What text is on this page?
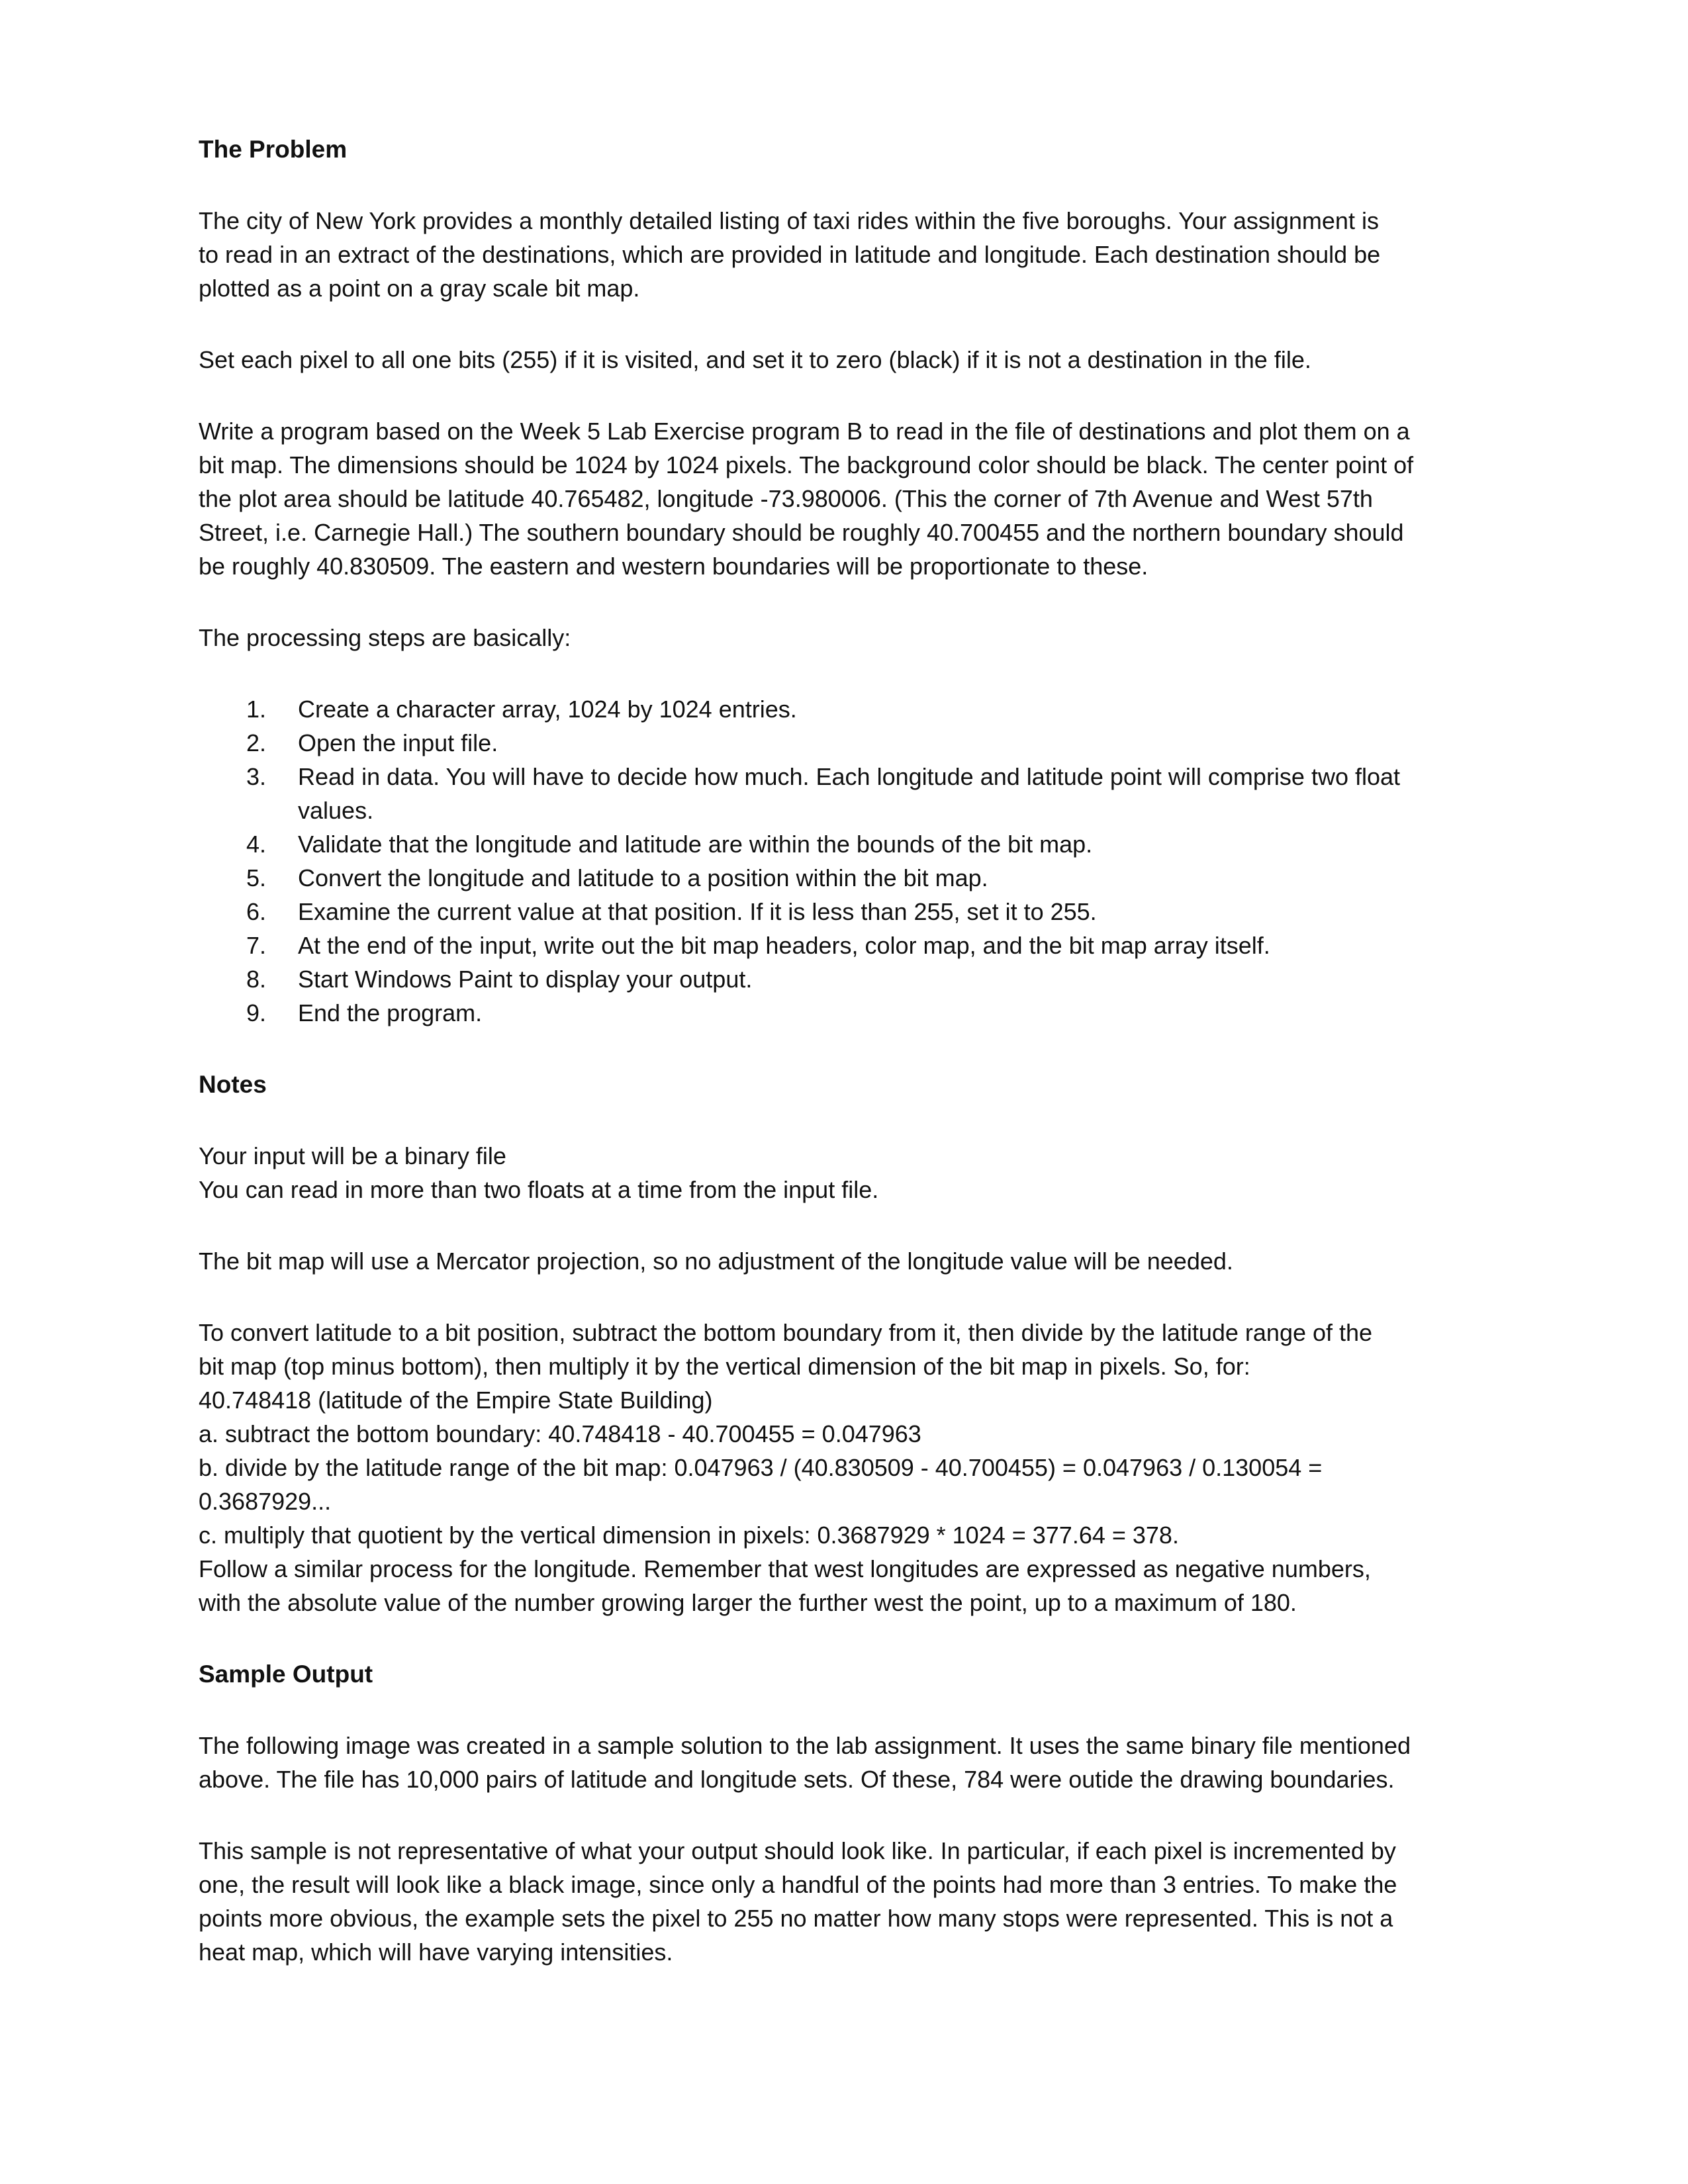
The Problem
The city of New York provides a monthly detailed listing of taxi rides within the five boroughs. Your assignment is
to read in an extract of the destinations, which are provided in latitude and longitude. Each destination should be
plotted as a point on a gray scale bit map.
Set each pixel to all one bits (255) if it is visited, and set it to zero (black) if it is not a destination in the file.
Write a program based on the Week 5 Lab Exercise program B to read in the file of destinations and plot them on a
bit map. The dimensions should be 1024 by 1024 pixels. The background color should be black. The center point of
the plot area should be latitude 40.765482, longitude -73.980006. (This the corner of 7th Avenue and West 57th
Street, i.e. Carnegie Hall.) The southern boundary should be roughly 40.700455 and the northern boundary should
be roughly 40.830509. The eastern and western boundaries will be proportionate to these.
The processing steps are basically:
1. Create a character array, 1024 by 1024 entries.
2. Open the input file.
3. Read in data. You will have to decide how much. Each longitude and latitude point will comprise two float
values.
4. Validate that the longitude and latitude are within the bounds of the bit map.
5. Convert the longitude and latitude to a position within the bit map.
6. Examine the current value at that position. If it is less than 255, set it to 255.
7. At the end of the input, write out the bit map headers, color map, and the bit map array itself.
8. Start Windows Paint to display your output.
9. End the program.
Notes
Your input will be a binary file
You can read in more than two floats at a time from the input file.
The bit map will use a Mercator projection, so no adjustment of the longitude value will be needed.
To convert latitude to a bit position, subtract the bottom boundary from it, then divide by the latitude range of the
bit map (top minus bottom), then multiply it by the vertical dimension of the bit map in pixels. So, for:
40.748418 (latitude of the Empire State Building)
a. subtract the bottom boundary: 40.748418 - 40.700455 = 0.047963
b. divide by the latitude range of the bit map: 0.047963 / (40.830509 - 40.700455) = 0.047963 / 0.130054 =
0.3687929...
c. multiply that quotient by the vertical dimension in pixels: 0.3687929 * 1024 = 377.64 = 378.
Follow a similar process for the longitude. Remember that west longitudes are expressed as negative numbers,
with the absolute value of the number growing larger the further west the point, up to a maximum of 180.
Sample Output
The following image was created in a sample solution to the lab assignment. It uses the same binary file mentioned
above. The file has 10,000 pairs of latitude and longitude sets. Of these, 784 were outide the drawing boundaries.
This sample is not representative of what your output should look like. In particular, if each pixel is incremented by
one, the result will look like a black image, since only a handful of the points had more than 3 entries. To make the
points more obvious, the example sets the pixel to 255 no matter how many stops were represented. This is not a
heat map, which will have varying intensities.
